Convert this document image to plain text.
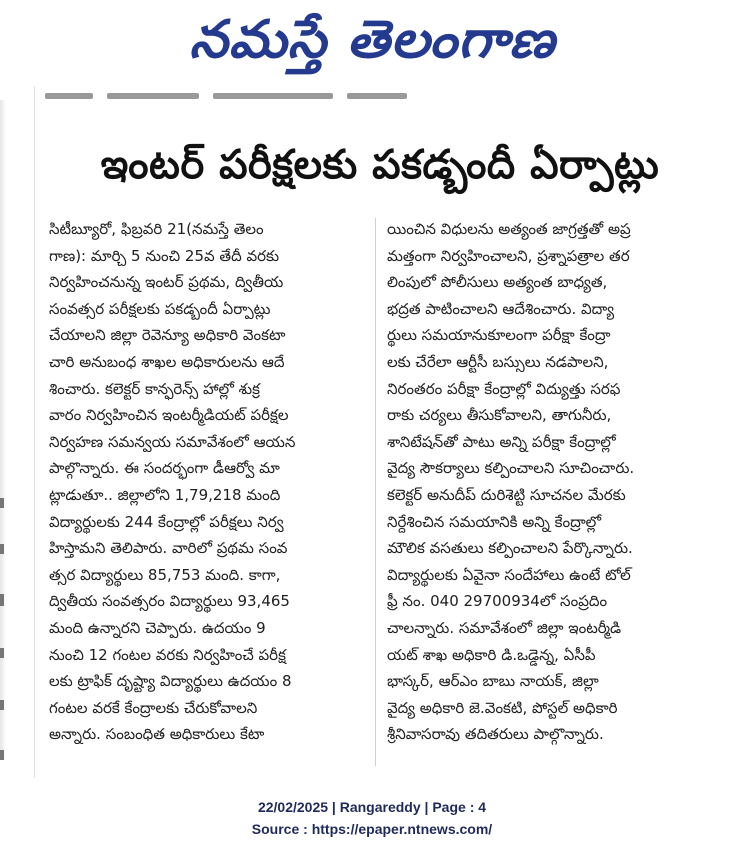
నమస్తే తెలంగాణ
ఇంటర్ పరీక్షలకు పకడ్బందీ ఏర్పాట్లు
సిటీబ్యూరో, ఫిబ్రవరి 21(నమస్తే తెలం
గాణ): మార్చి 5 నుంచి 25వ తేదీ వరకు
నిర్వహించనున్న ఇంటర్ ప్రథమ, ద్వితీయ
సంవత్సర పరీక్షలకు పకడ్బందీ ఏర్పాట్లు
చేయాలని జిల్లా రెవెన్యూ అధికారి వెంకటా
చారి అనుబంధ శాఖల అధికారులను ఆదే
శించారు. కలెక్టర్ కాన్ఫరెన్స్ హాల్లో శుక్ర
వారం నిర్వహించిన ఇంటర్మీడియట్ పరీక్షల
నిర్వహణ సమన్వయ సమావేశంలో ఆయన
పాల్గొన్నారు. ఈ సందర్భంగా డీఆర్వో మా
ట్లాడుతూ.. జిల్లాలోని 1,79,218 మంది
విద్యార్థులకు 244 కేంద్రాల్లో పరీక్షలు నిర్వ
హిస్తామని తెలిపారు. వారిలో ప్రథమ సంవ
త్సర విద్యార్థులు 85,753 మంది. కాగా,
ద్వితీయ సంవత్సరం విద్యార్థులు 93,465
మంది ఉన్నారని చెప్పారు. ఉదయం 9
నుంచి 12 గంటల వరకు నిర్వహించే పరీక్ష
లకు ట్రాఫిక్ దృష్ట్యా విద్యార్థులు ఉదయం 8
గంటల వరకే కేంద్రాలకు చేరుకోవాలని
అన్నారు. సంబంధిత అధికారులు కేటా
యించిన విధులను అత్యంత జాగ్రత్తతో అప్ర
మత్తంగా నిర్వహించాలని, ప్రశ్నాపత్రాల తర
లింపులో పోలీసులు అత్యంత బాధ్యత,
భద్రత పాటించాలని ఆదేశించారు. విద్యా
ర్థులు సమయానుకూలంగా పరీక్షా కేంద్రా
లకు చేరేలా ఆర్టీసీ బస్సులు నడపాలని,
నిరంతరం పరీక్షా కేంద్రాల్లో విద్యుత్తు సరఫ
రాకు చర్యలు తీసుకోవాలని, తాగునీరు,
శానిటేషన్‌తో పాటు అన్ని పరీక్షా కేంద్రాల్లో
వైద్య సౌకర్యాలు కల్పించాలని సూచించారు.
కలెక్టర్ అనుదీప్ దురిశెట్టి సూచనల మేరకు
నిర్దేశించిన సమయానికి అన్ని కేంద్రాల్లో
మౌలిక వసతులు కల్పించాలని పేర్కొన్నారు.
విద్యార్థులకు ఏవైనా సందేహాలు ఉంటే టోల్
ఫ్రీ నం. 040 29700934లో సంప్రదిం
చాలన్నారు. సమావేశంలో జిల్లా ఇంటర్మీడి
యట్ శాఖ అధికారి డి.ఒడ్డెన్న, ఏసీపీ
భాస్కర్, ఆర్ఎం బాబు నాయక్, జిల్లా
వైద్య అధికారి జె.వెంకటి, పోస్టల్ అధికారి
శ్రీనివాసరావు తదితరులు పాల్గొన్నారు.
22/02/2025 | Rangareddy | Page : 4
Source : https://epaper.ntnews.com/
